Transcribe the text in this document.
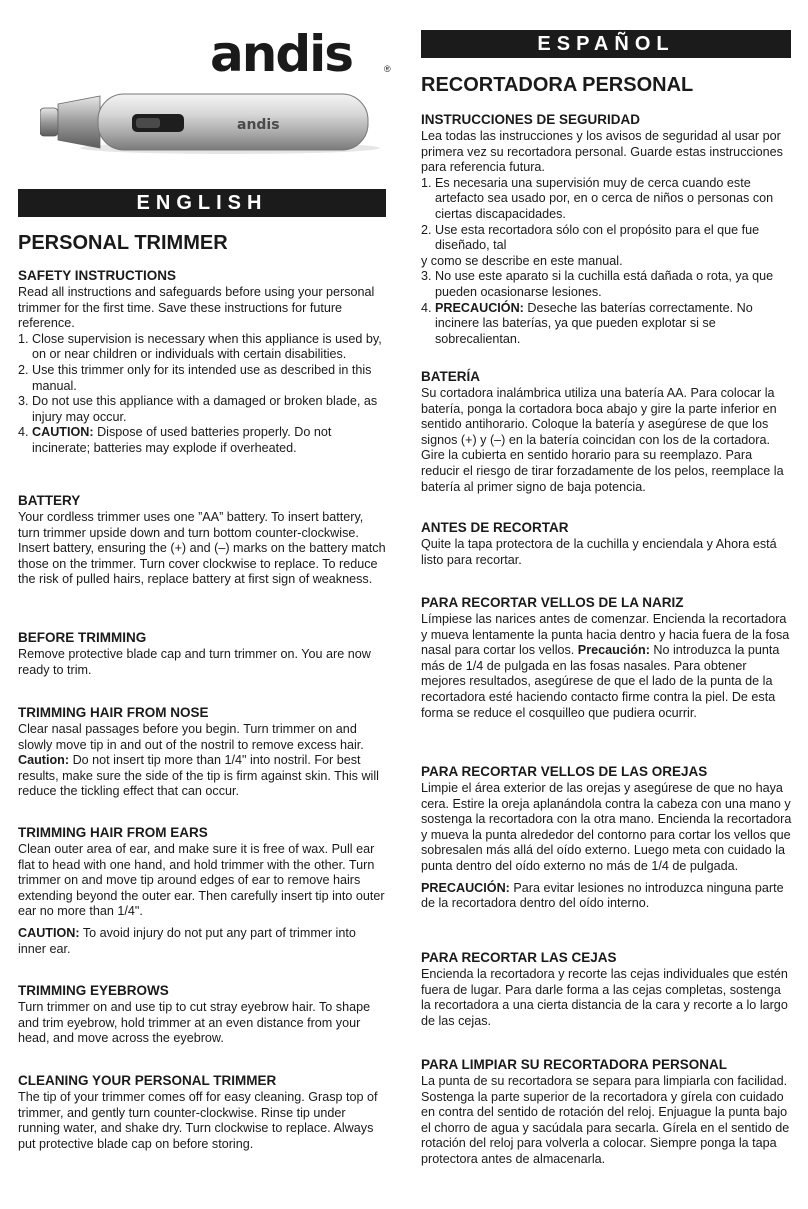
andis	®
andis
ENGLISH
ESPAÑOL
PERSONAL TRIMMER
RECORTADORA PERSONAL
SAFETY INSTRUCTIONS

Read all instructions and safeguards before using your personal trimmer for the first time. Save these instructions for future reference.

1. Close supervision is necessary when this appliance is used by, on or near children or individuals with certain disabilities.
2. Use this trimmer only for its intended use as described in this manual.
3. Do not use this appliance with a damaged or broken blade, as injury may occur.
4. CAUTION: Dispose of used batteries properly. Do not incinerate; batteries may explode if overheated.
BATTERY

Your cordless trimmer uses one ”AA” battery. To insert battery, turn trimmer upside down and turn bottom counter-clockwise. Insert battery, ensuring the (+) and (–) marks on the battery match those on the trimmer. Turn cover clockwise to replace. To reduce the risk of pulled hairs, replace battery at first sign of weakness.

BEFORE TRIMMING

Remove protective blade cap and turn trimmer on. You are now ready to trim.

TRIMMING HAIR FROM NOSE

Clear nasal passages before you begin. Turn trimmer on and slowly move tip in and out of the nostril to remove excess hair. Caution: Do not insert tip more than 1/4" into nostril. For best results, make sure the side of the tip is firm against skin. This will reduce the tickling effect that can occur.

TRIMMING HAIR FROM EARS

Clean outer area of ear, and make sure it is free of wax. Pull ear flat to head with one hand, and hold trimmer with the other. Turn trimmer on and move tip around edges of ear to remove hairs extending beyond the outer ear. Then carefully insert tip into outer ear no more than 1/4".

CAUTION: To avoid injury do not put any part of trimmer into inner ear.

TRIMMING EYEBROWS

Turn trimmer on and use tip to cut stray eyebrow hair. To shape and trim eyebrow, hold trimmer at an even distance from your head, and move across the eyebrow.

CLEANING YOUR PERSONAL TRIMMER

The tip of your trimmer comes off for easy cleaning. Grasp top of trimmer, and gently turn counter-clockwise. Rinse tip under running water, and shake dry. Turn clockwise to replace. Always put protective blade cap on before storing.

INSTRUCCIONES DE SEGURIDAD

Lea todas las instrucciones y los avisos de seguridad al usar por primera vez su recortadora personal. Guarde estas instrucciones para referencia futura.

1. Es necesaria una supervisión muy de cerca cuando este artefacto sea usado por, en o cerca de niños o personas con ciertas discapacidades.
2. Use esta recortadora sólo con el propósito para el que fue diseñado, tal
y como se describe en este manual.
3. No use este aparato si la cuchilla está dañada o rota, ya que pueden ocasionarse lesiones.
4. PRECAUCIÓN: Deseche las baterías correctamente. No incinere las baterías, ya que pueden explotar si se sobrecalientan.
BATERÍA

Su cortadora inalámbrica utiliza una batería AA. Para colocar la batería, ponga la cortadora boca abajo y gire la parte inferior en sentido antihorario. Coloque la batería y asegúrese de que los signos (+) y (–) en la batería coincidan con los de la cortadora. Gire la cubierta en sentido horario para su reemplazo. Para reducir el riesgo de tirar forzadamente de los pelos, reemplace la batería al primer signo de baja potencia.

ANTES DE RECORTAR

Quite la tapa protectora de la cuchilla y enciendala y Ahora está listo para recortar.

PARA RECORTAR VELLOS DE LA NARIZ

Límpiese las narices antes de comenzar. Encienda la recortadora y mueva lentamente la punta hacia dentro y hacia fuera de la fosa nasal para cortar los vellos. Precaución: No introduzca la punta más de 1/4 de pulgada en las fosas nasales. Para obtener mejores resultados, asegúrese de que el lado de la punta de la recortadora esté haciendo contacto firme contra la piel. De esta forma se reduce el cosquilleo que pudiera ocurrir.

PARA RECORTAR VELLOS DE LAS OREJAS

Limpie el área exterior de las orejas y asegúrese de que no haya cera. Estire la oreja aplanándola contra la cabeza con una mano y sostenga la recortadora con la otra mano. Encienda la recortadora y mueva la punta alrededor del contorno para cortar los vellos que sobresalen más allá del oído externo. Luego meta con cuidado la punta dentro del oído externo no más de 1/4 de pulgada.

PRECAUCIÓN: Para evitar lesiones no introduzca ninguna parte de la recortadora dentro del oído interno.

PARA RECORTAR LAS CEJAS

Encienda la recortadora y recorte las cejas individuales que estén fuera de lugar. Para darle forma a las cejas completas, sostenga la recortadora a una cierta distancia de la cara y recorte a lo largo de las cejas.

PARA LIMPIAR SU RECORTADORA PERSONAL

La punta de su recortadora se separa para limpiarla con facilidad. Sostenga la parte superior de la recortadora y gírela con cuidado en contra del sentido de rotación del reloj. Enjuague la punta bajo el chorro de agua y sacúdala para secarla. Gírela en el sentido de rotación del reloj para volverla a colocar. Siempre ponga la tapa protectora antes de almacenarla.
